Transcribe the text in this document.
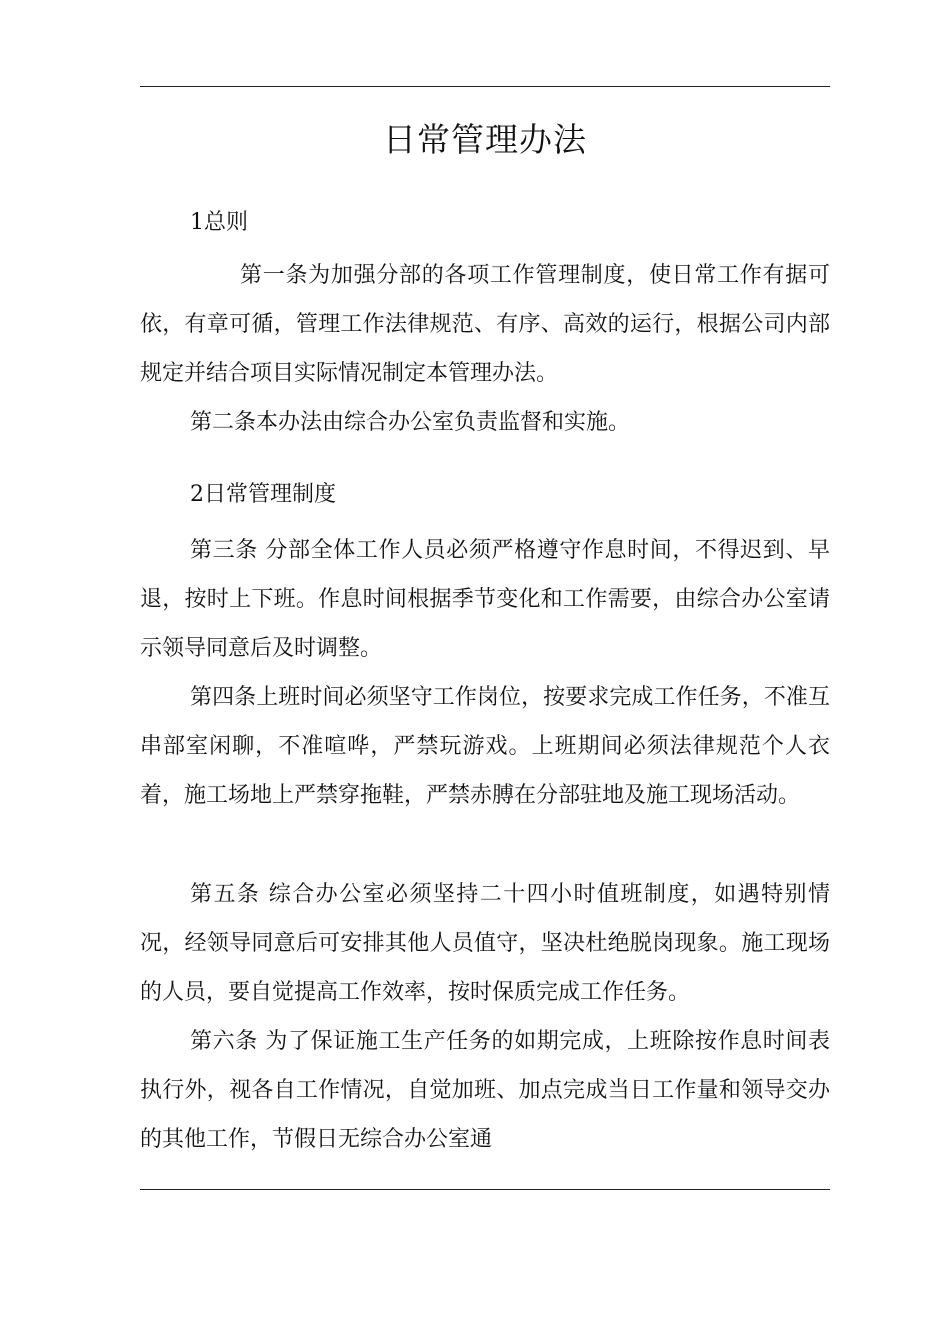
日常管理办法
1总则

第一条为加强分部的各项工作管理制度，使日常工作有据可依，有章可循，管理工作法律规范、有序、高效的运行，根据公司内部规定并结合项目实际情况制定本管理办法。

第二条本办法由综合办公室负责监督和实施。

2日常管理制度

第三条 分部全体工作人员必须严格遵守作息时间，不得迟到、早退，按时上下班。作息时间根据季节变化和工作需要，由综合办公室请示领导同意后及时调整。

第四条上班时间必须坚守工作岗位，按要求完成工作任务，不准互串部室闲聊，不准喧哗，严禁玩游戏。上班期间必须法律规范个人衣着，施工场地上严禁穿拖鞋，严禁赤膊在分部驻地及施工现场活动。

第五条 综合办公室必须坚持二十四小时值班制度，如遇特别情况，经领导同意后可安排其他人员值守，坚决杜绝脱岗现象。施工现场的人员，要自觉提高工作效率，按时保质完成工作任务。

第六条 为了保证施工生产任务的如期完成，上班除按作息时间表执行外，视各自工作情况，自觉加班、加点完成当日工作量和领导交办的其他工作，节假日无综合办公室通
